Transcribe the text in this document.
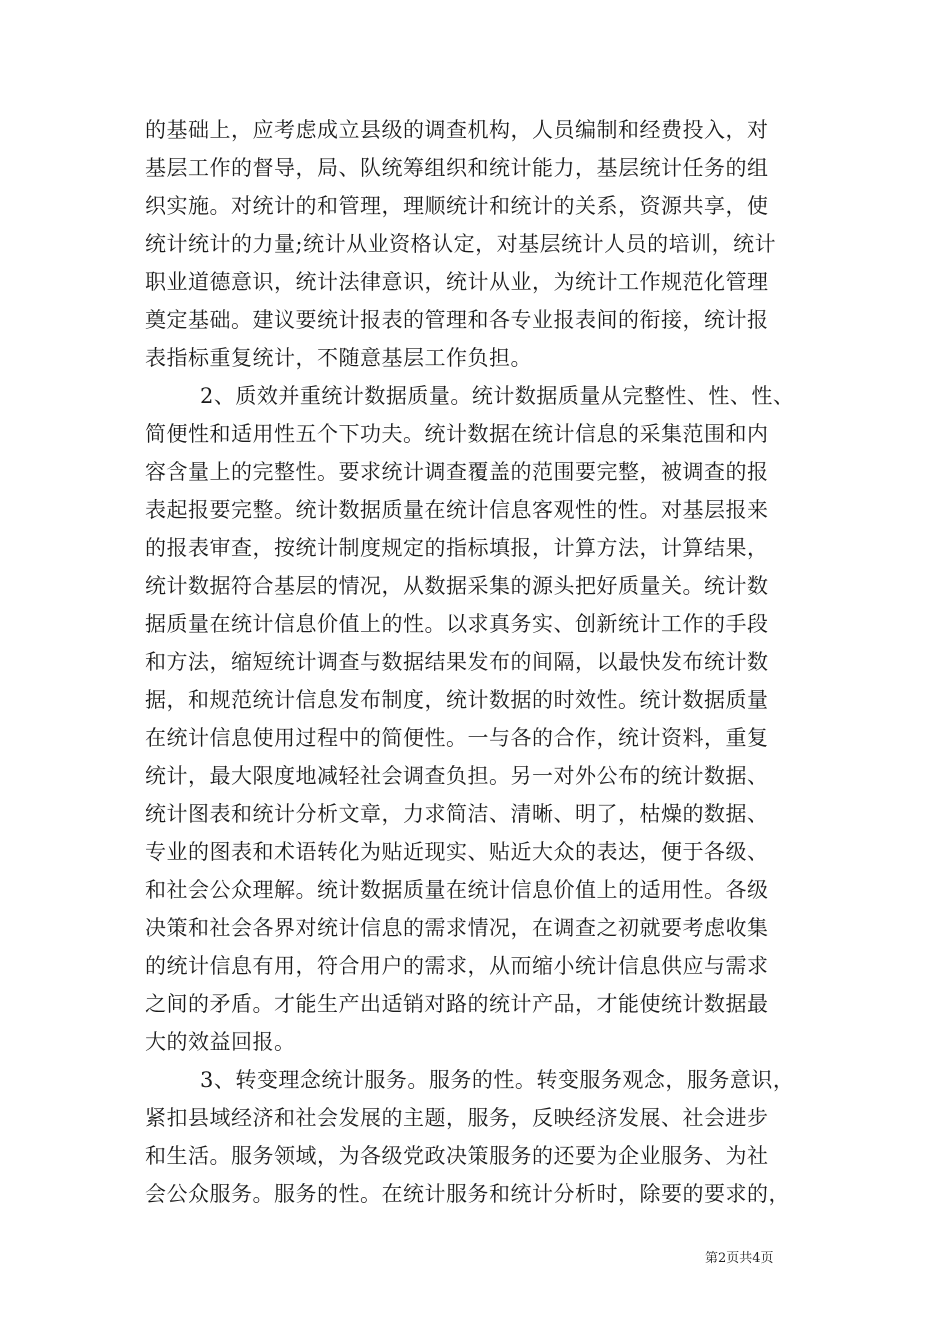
的基础上，应考虑成立县级的调查机构，人员编制和经费投入，对
基层工作的督导，局、队统筹组织和统计能力，基层统计任务的组
织实施。对统计的和管理，理顺统计和统计的关系，资源共享，使
统计统计的力量;统计从业资格认定，对基层统计人员的培训，统计
职业道德意识，统计法律意识，统计从业，为统计工作规范化管理
奠定基础。建议要统计报表的管理和各专业报表间的衔接，统计报
表指标重复统计，不随意基层工作负担。
2、质效并重统计数据质量。统计数据质量从完整性、性、性、
简便性和适用性五个下功夫。统计数据在统计信息的采集范围和内
容含量上的完整性。要求统计调查覆盖的范围要完整，被调查的报
表起报要完整。统计数据质量在统计信息客观性的性。对基层报来
的报表审查，按统计制度规定的指标填报，计算方法，计算结果，
统计数据符合基层的情况，从数据采集的源头把好质量关。统计数
据质量在统计信息价值上的性。以求真务实、创新统计工作的手段
和方法，缩短统计调查与数据结果发布的间隔，以最快发布统计数
据，和规范统计信息发布制度，统计数据的时效性。统计数据质量
在统计信息使用过程中的简便性。一与各的合作，统计资料，重复
统计，最大限度地减轻社会调查负担。另一对外公布的统计数据、
统计图表和统计分析文章，力求简洁、清晰、明了，枯燥的数据、
专业的图表和术语转化为贴近现实、贴近大众的表达，便于各级、
和社会公众理解。统计数据质量在统计信息价值上的适用性。各级
决策和社会各界对统计信息的需求情况，在调查之初就要考虑收集
的统计信息有用，符合用户的需求，从而缩小统计信息供应与需求
之间的矛盾。才能生产出适销对路的统计产品，才能使统计数据最
大的效益回报。
3、转变理念统计服务。服务的性。转变服务观念，服务意识，
紧扣县域经济和社会发展的主题，服务，反映经济发展、社会进步
和生活。服务领域，为各级党政决策服务的还要为企业服务、为社
会公众服务。服务的性。在统计服务和统计分析时，除要的要求的，
第2页共4页
